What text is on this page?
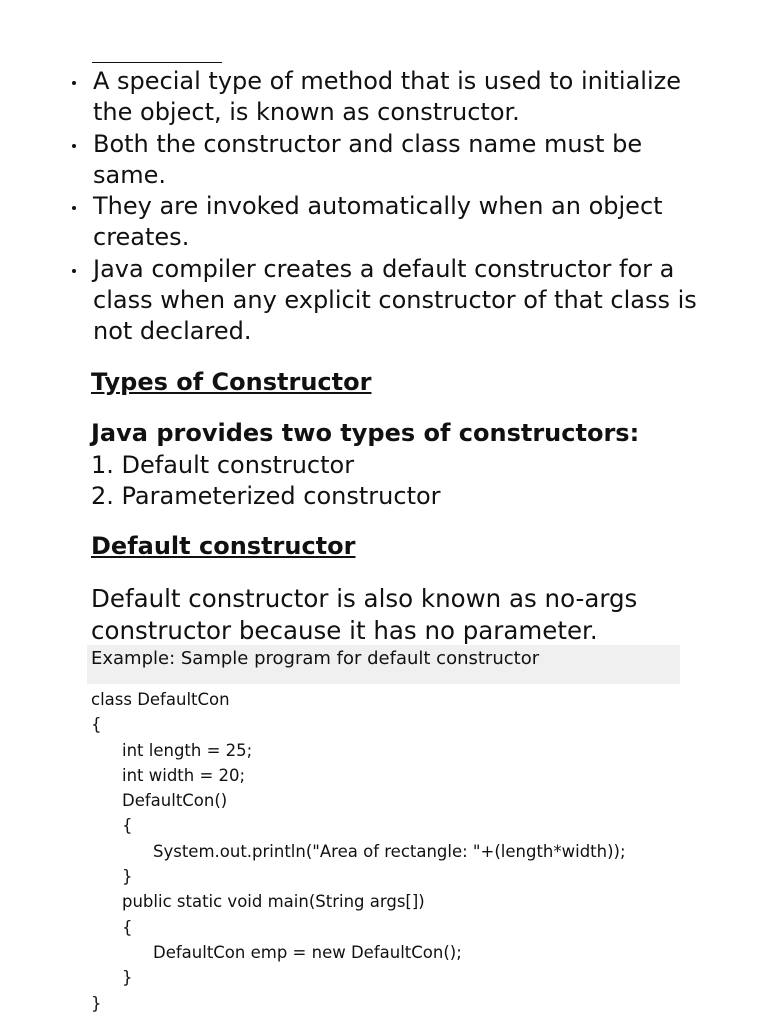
A special type of method that is used to initialize the object, is known as constructor.
Both the constructor and class name must be same.
They are invoked automatically when an object creates.
Java compiler creates a default constructor for a class when any explicit constructor of that class is not declared.
Types of Constructor

Java provides two types of constructors:

1. Default constructor
2. Parameterized constructor
Default constructor

Default constructor is also known as no-args constructor because it has no parameter.

Example: Sample program for default constructor
class DefaultCon
{
int length = 25;
int width = 20;
DefaultCon()
{
System.out.println("Area of rectangle: "+(length*width));
}
public static void main(String args[])
{
DefaultCon emp = new DefaultCon();
}
}
